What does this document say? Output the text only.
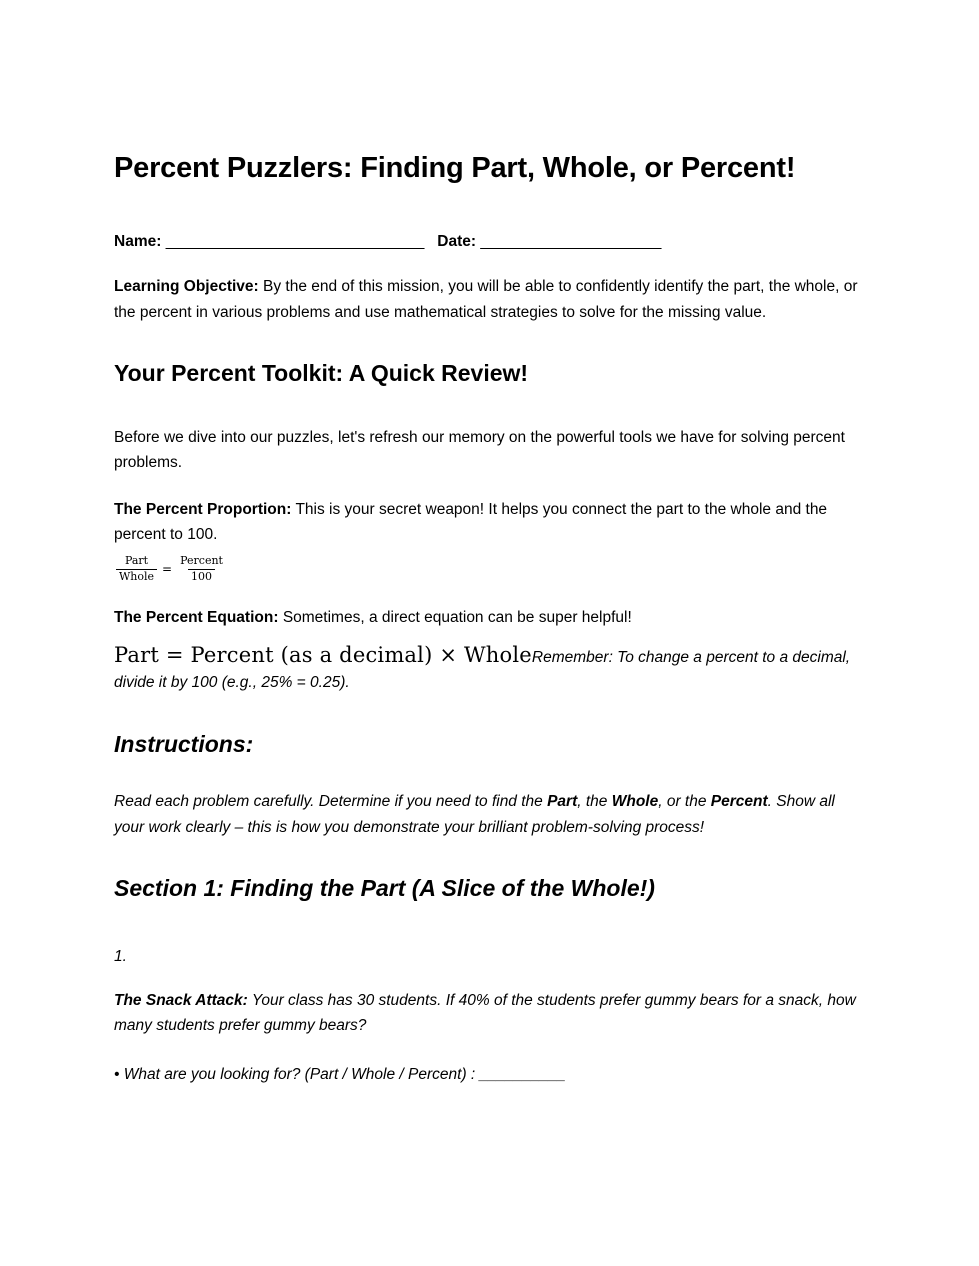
Percent Puzzlers: Finding Part, Whole, or Percent!
Name: ______________________________ Date: _____________________
Learning Objective: By the end of this mission, you will be able to confidently identify the part, the whole, or the percent in various problems and use mathematical strategies to solve for the missing value.
Your Percent Toolkit: A Quick Review!
Before we dive into our puzzles, let's refresh our memory on the powerful tools we have for solving percent problems.
The Percent Proportion: This is your secret weapon! It helps you connect the part to the whole and the percent to 100.
$\frac{\text{Part}}{\text{Whole}} = \frac{\text{Percent}}{100}$
The Percent Equation: Sometimes, a direct equation can be super helpful!
Part = Percent (as a decimal) × WholeRemember: To change a percent to a decimal, divide it by 100 (e.g., 25% = 0.25).
Instructions:
Read each problem carefully. Determine if you need to find the Part, the Whole, or the Percent. Show all your work clearly – this is how you demonstrate your brilliant problem-solving process!
Section 1: Finding the Part (A Slice of the Whole!)
1.
The Snack Attack: Your class has 30 students. If 40% of the students prefer gummy bears for a snack, how many students prefer gummy bears?
• What are you looking for? (Part / Whole / Percent) : __________
